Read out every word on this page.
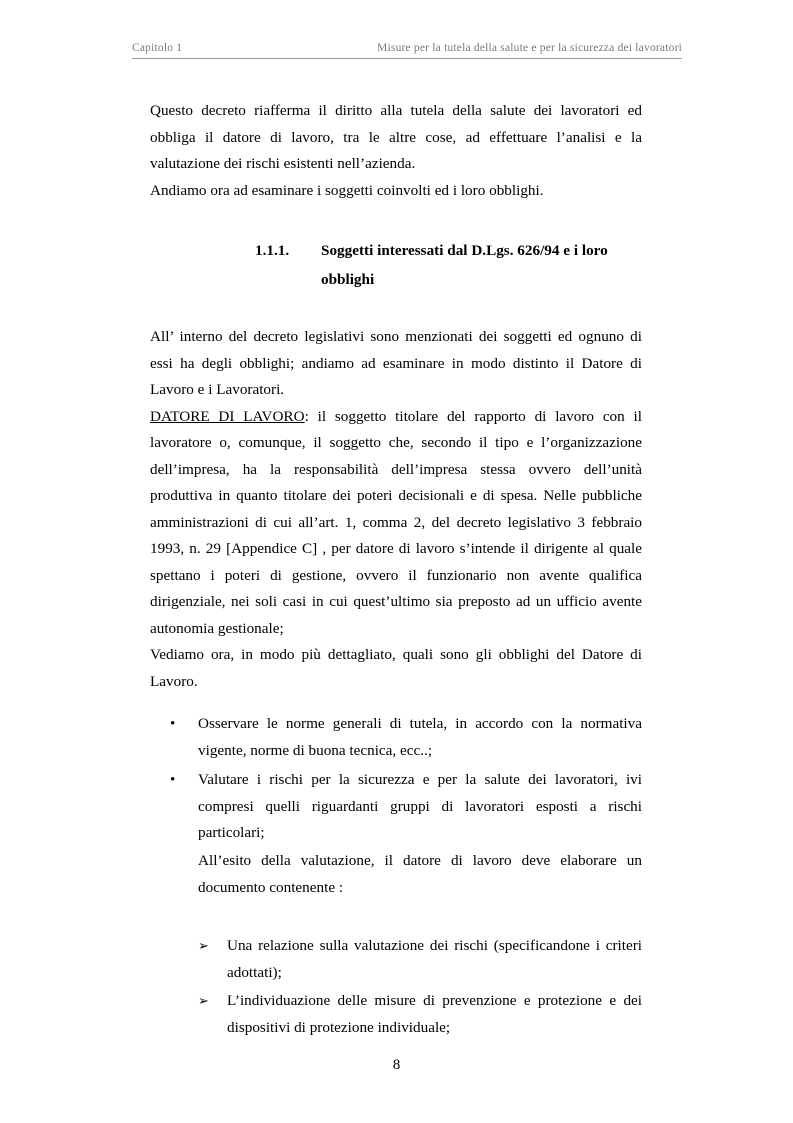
Capitolo 1	Misure per la tutela della salute e per la sicurezza dei lavoratori

Questo decreto riafferma il diritto alla tutela della salute dei lavoratori ed obbliga il datore di lavoro, tra le altre cose, ad effettuare l’analisi e la valutazione dei rischi esistenti nell’azienda.

Andiamo ora ad esaminare i soggetti coinvolti ed i loro obblighi.

1.1.1. Soggetti interessati dal D.Lgs. 626/94 e i loro obblighi

All’ interno del decreto legislativi sono menzionati dei soggetti ed ognuno di essi ha degli obblighi; andiamo ad esaminare in modo distinto il Datore di Lavoro e i Lavoratori.

DATORE DI LAVORO: il soggetto titolare del rapporto di lavoro con il lavoratore o, comunque, il soggetto che, secondo il tipo e l’organizzazione dell’impresa, ha la responsabilità dell’impresa stessa ovvero dell’unità produttiva in quanto titolare dei poteri decisionali e di spesa. Nelle pubbliche amministrazioni di cui all’art. 1, comma 2, del decreto legislativo 3 febbraio 1993, n. 29 [Appendice C] , per datore di lavoro s’intende il dirigente al quale spettano i poteri di gestione, ovvero il funzionario non avente qualifica dirigenziale, nei soli casi in cui quest’ultimo sia preposto ad un ufficio avente autonomia gestionale;

Vediamo ora, in modo più dettagliato, quali sono gli obblighi del Datore di Lavoro.

• Osservare le norme generali di tutela, in accordo con la normativa vigente, norme di buona tecnica, ecc..;
• Valutare i rischi per la sicurezza e per la salute dei lavoratori, ivi compresi quelli riguardanti gruppi di lavoratori esposti a rischi particolari;
All’esito della valutazione, il datore di lavoro deve elaborare un documento contenente :
➢ Una relazione sulla valutazione dei rischi (specificandone i criteri adottati);
➢ L’individuazione delle misure di prevenzione e protezione e dei dispositivi di protezione individuale;
8
